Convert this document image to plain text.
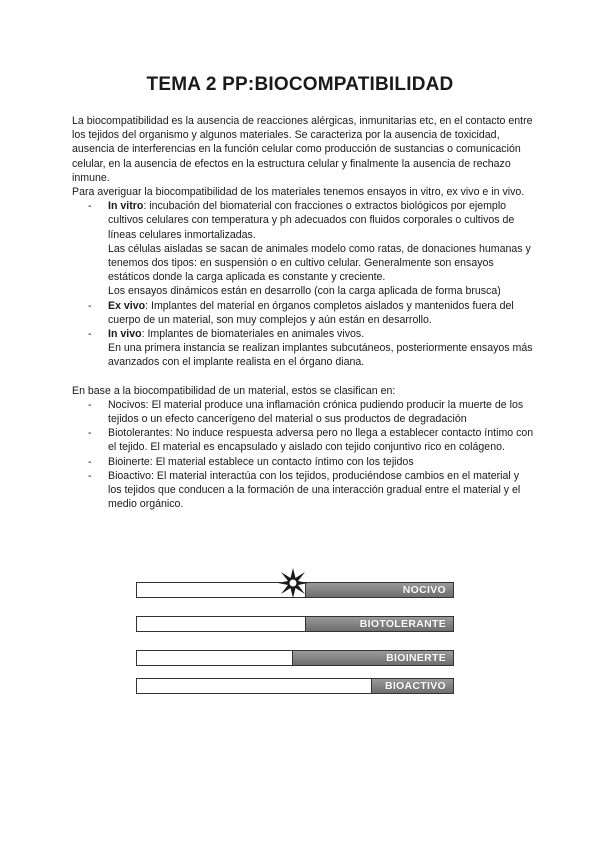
TEMA 2 PP:BIOCOMPATIBILIDAD

La biocompatibilidad es la ausencia de reacciones alérgicas, inmunitarias etc, en el contacto entre los tejidos del organismo y algunos materiales. Se caracteriza por la ausencia de toxicidad, ausencia de interferencias en la función celular como producción de sustancias o comunicación celular, en la ausencia de efectos en la estructura celular y finalmente la ausencia de rechazo inmune.

Para averiguar la biocompatibilidad de los materiales tenemos ensayos in vitro, ex vivo e in vivo.

- In vitro: incubación del biomaterial con fracciones o extractos biológicos por ejemplo cultivos celulares con temperatura y ph adecuados con fluidos corporales o cultivos de líneas celulares inmortalizadas.

Las células aisladas se sacan de animales modelo como ratas, de donaciones humanas y tenemos dos tipos: en suspensión o en cultivo celular. Generalmente son ensayos estáticos donde la carga aplicada es constante y creciente.

Los ensayos dinámicos están en desarrollo (con la carga aplicada de forma brusca)

- Ex vivo: Implantes del material en órganos completos aislados y mantenidos fuera del cuerpo de un material, son muy complejos y aún están en desarrollo.
- In vivo: Implantes de biomateriales en animales vivos.

En una primera instancia se realizan implantes subcutáneos, posteriormente ensayos más avanzados con el implante realista en el órgano diana.

En base a la biocompatibilidad de un material, estos se clasifican en:

- Nocivos: El material produce una inflamación crónica pudiendo producir la muerte de los tejidos o un efecto cancerígeno del material o sus productos de degradación
- Biotolerantes: No induce respuesta adversa pero no llega a establecer contacto íntimo con el tejido. El material es encapsulado y aislado con tejido conjuntivo rico en colágeno.
- Bioinerte: El material establece un contacto íntimo con los tejidos
- Bioactivo: El material interactúa con los tejidos, produciéndose cambios en el material y los tejidos que conducen a la formación de una interacción gradual entre el material y el medio orgánico.
NOCIVO
BIOTOLERANTE
BIOINERTE
BIOACTIVO
